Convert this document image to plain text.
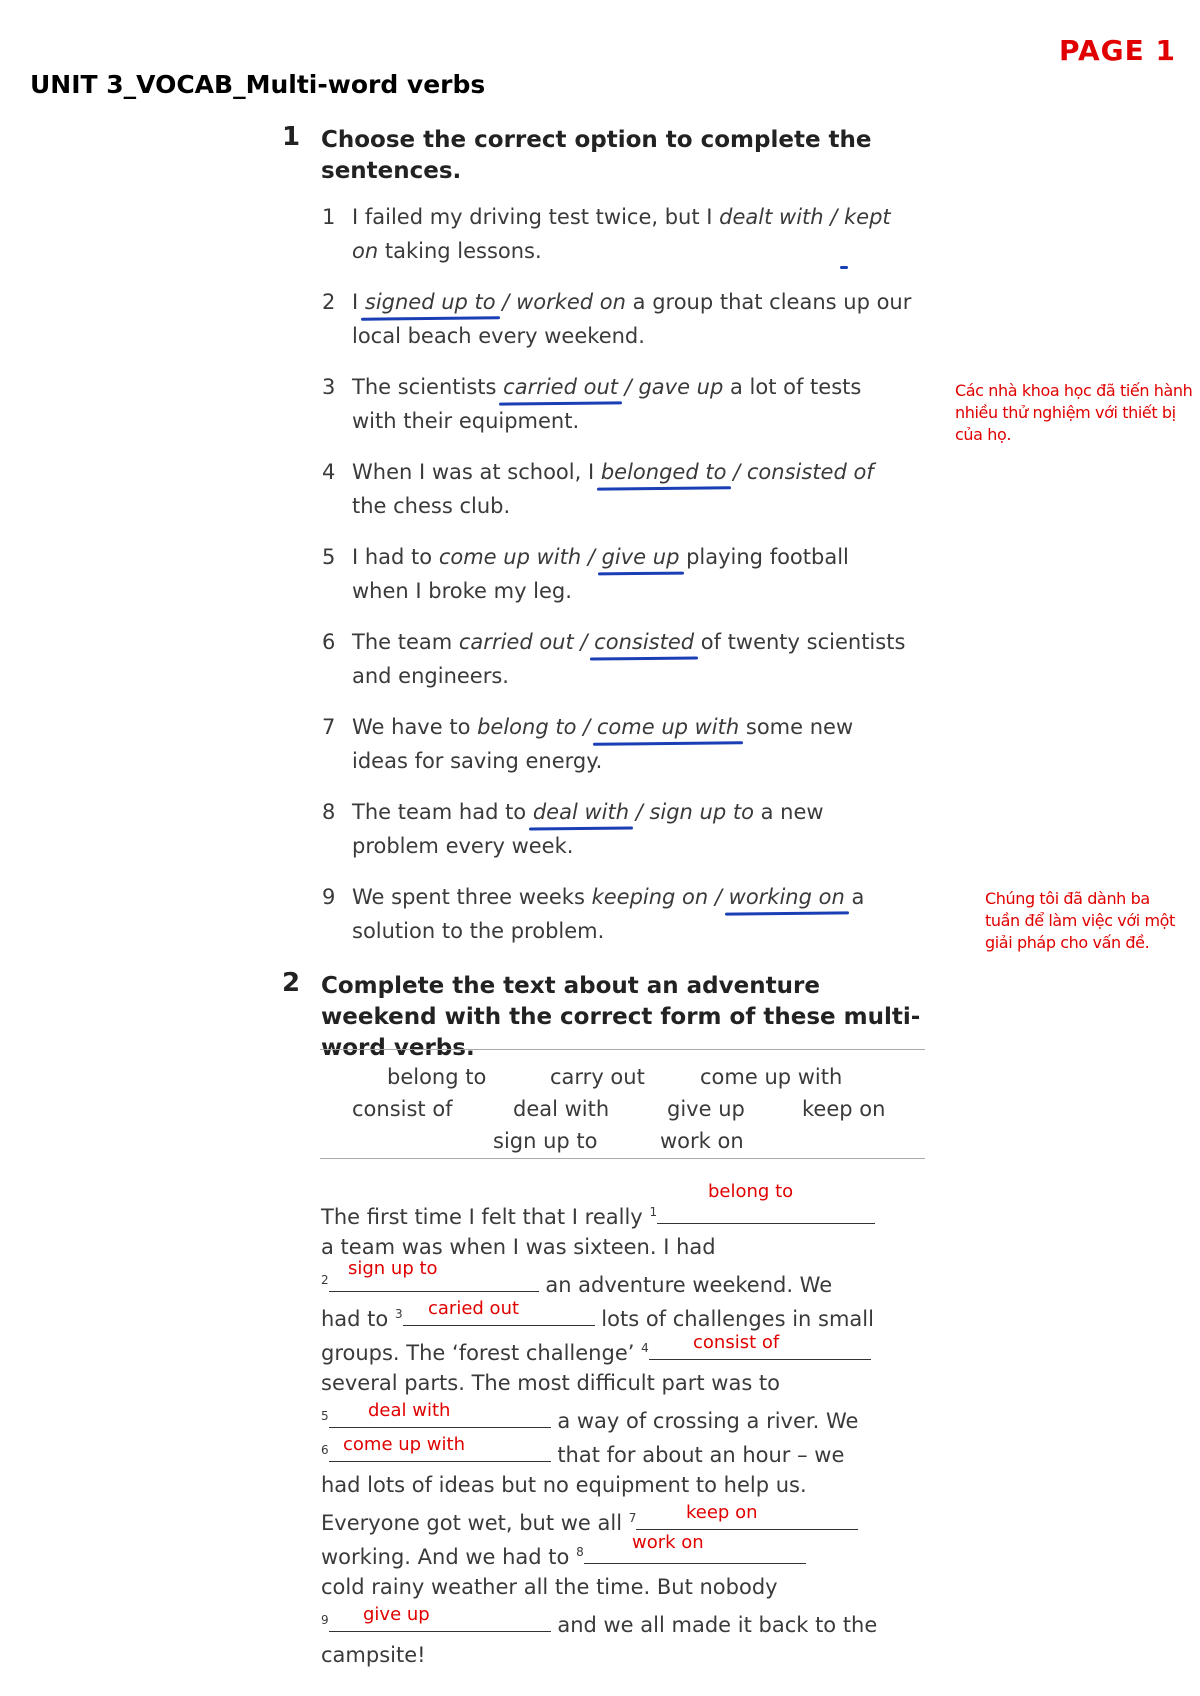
PAGE 1
UNIT 3_VOCAB_Multi-word verbs
1 Choose the correct option to complete the sentences.
1 I failed my driving test twice, but I dealt with / kept on taking lessons.
2 I signed up to / worked on a group that cleans up our local beach every weekend.
3 The scientists carried out / gave up a lot of tests with their equipment.
4 When I was at school, I belonged to / consisted of the chess club.
5 I had to come up with / give up playing football when I broke my leg.
6 The team carried out / consisted of twenty scientists and engineers.
7 We have to belong to / come up with some new ideas for saving energy.
8 The team had to deal with / sign up to a new problem every week.
9 We spent three weeks keeping on / working on a solution to the problem.
Các nhà khoa học đã tiến hành nhiều thử nghiệm với thiết bị của họ.
Chúng tôi đã dành ba tuần để làm việc với một giải pháp cho vấn đề.
2 Complete the text about an adventure weekend with the correct form of these multi-word verbs.
belong to	carry out	come up with
consist of	deal with	give up	keep on
sign up to	work on
The first time I felt that I really $^1$
belong to
a team was when I was sixteen. I had
$^2$	an adventure weekend. We
sign up to
had to $^3$	lots of challenges in small
caried out
groups. The ‘forest challenge’ $^4$	consist of
several parts. The most difficult part was to
$^5$	a way of crossing a river. We
deal with
$^6$	that for about an hour – we
come up with
had lots of ideas but no equipment to help us.
Everyone got wet, but we all $^7$	keep on
working. And we had to $^8$	work on
cold rainy weather all the time. But nobody
$^9$	and we all made it back to the
give up
campsite!
